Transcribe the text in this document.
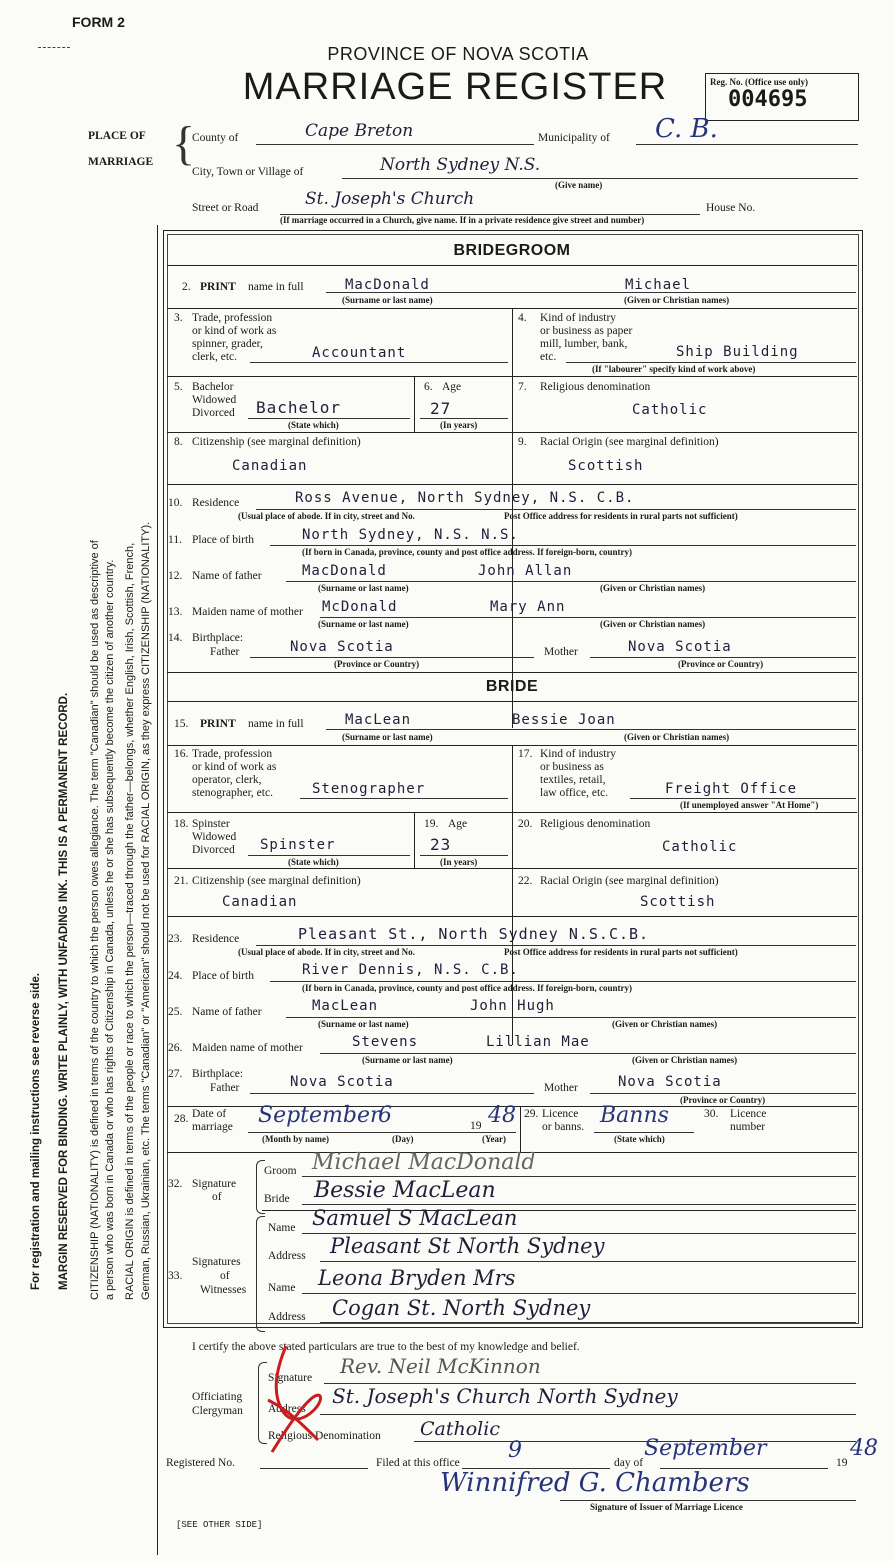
MARGIN RESERVED FOR BINDING. WRITE PLAINLY, WITH UNFADING INK. THIS IS A PERMANENT RECORD.
For registration and mailing instructions see reverse side.	CITIZENSHIP (NATIONALITY) is defined in terms of the country to which the person owes allegiance. The term "Canadian" should be used as descriptive of a person who was born in Canada or who has rights of Citizenship in Canada, unless he or she has subsequently become the citizen of another country. RACIAL ORIGIN is defined in terms of the people or race to which the person—traced through the father—belongs, whether English, Irish, Scottish, French, German, Russian, Ukrainian, etc. The terms "Canadian" or "American" should not be used for RACIAL ORIGIN, as they express CITIZENSHIP (NATIONALITY).
FORM 2
PROVINCE OF NOVA SCOTIA
MARRIAGE REGISTER	Reg. No. (Office use only)
004695
PLACE OF
MARRIAGE {
County of	Cape Breton	Municipality of C. B.
City, Town or Village of	North Sydney N.S.
(Give name)
Street or Road	St. Joseph's Church	House No.
(If marriage occurred in a Church, give name. If in a private residence give street and number)
BRIDEGROOM
2. PRINT name in full	MacDonald	Michael
(Surname or last name)	(Given or Christian names)
3. Trade, profession
or kind of work as
spinner, grader,
clerk, etc.	Accountant
4. Kind of industry
or business as paper
mill, lumber, bank,
etc.	Ship Building
(If "labourer" specify kind of work above)
5. Bachelor
Widowed
Divorced Bachelor
(State which)
6. Age
27
(In years)
7. Religious denomination
Catholic
8. Citizenship (see marginal definition)
Canadian
9. Racial Origin (see marginal definition)
Scottish
10. Residence	Ross Avenue, North Sydney, N.S. C.B.
(Usual place of abode. If in city, street and No.	Post Office address for residents in rural parts not sufficient)
11. Place of birth	North Sydney, N.S. N.S.
(If born in Canada, province, county and post office address. If foreign-born, country)
12. Name of father	MacDonald	John Allan
(Surname or last name)	(Given or Christian names)
13. Maiden name of mother McDonald	Mary Ann
(Surname or last name)	(Given or Christian names)
14. Birthplace:
Father	Nova Scotia	Mother	Nova Scotia
(Province or Country)	(Province or Country)
BRIDE
15. PRINT name in full	MacLean	Bessie Joan
(Surname or last name)	(Given or Christian names)
16. Trade, profession
or kind of work as
operator, clerk,
stenographer, etc.	Stenographer
17. Kind of industry
or business as
textiles, retail,
law office, etc.	Freight Office
(If unemployed answer "At Home")
18. Spinster
Widowed
Divorced Spinster
(State which)
19. Age
23
(In years)
20. Religious denomination
Catholic
21. Citizenship (see marginal definition)
Canadian
22. Racial Origin (see marginal definition)
Scottish
23. Residence	Pleasant St., North Sydney N.S.C.B.
(Usual place of abode. If in city, street and No.	Post Office address for residents in rural parts not sufficient)
24. Place of birth	River Dennis, N.S. C.B.
(If born in Canada, province, county and post office address. If foreign-born, country)
25. Name of father	MacLean	John Hugh
(Surname or last name)	(Given or Christian names)
26. Maiden name of mother	Stevens	Lillian Mae
(Surname or last name)	(Given or Christian names)
27. Birthplace:
Father	Nova Scotia	Mother	Nova Scotia
(Province or Country)
28. Date of
marriage September
6	19 48
(Month by name)	(Day)	(Year)
29. Licence
or banns. Banns
(State which)
30. Licence
number
32. Signature
of
Groom Michael MacDonald
Bride Bessie MacLean
33.
Signatures
of
Witnesses
Name Samuel S MacLean
Address Pleasant St North Sydney
Name Leona Bryden Mrs
Address Cogan St. North Sydney
I certify the above stated particulars are true to the best of my knowledge and belief.
Officiating
Clergyman
Signature Rev. Neil McKinnon
Address
St. Joseph's Church North Sydney
Religious Denomination Catholic
Registered No.	Filed at this office 9	day of
September
19
48
Winnifred G. Chambers
Signature of Issuer of Marriage Licence
[SEE OTHER SIDE]
